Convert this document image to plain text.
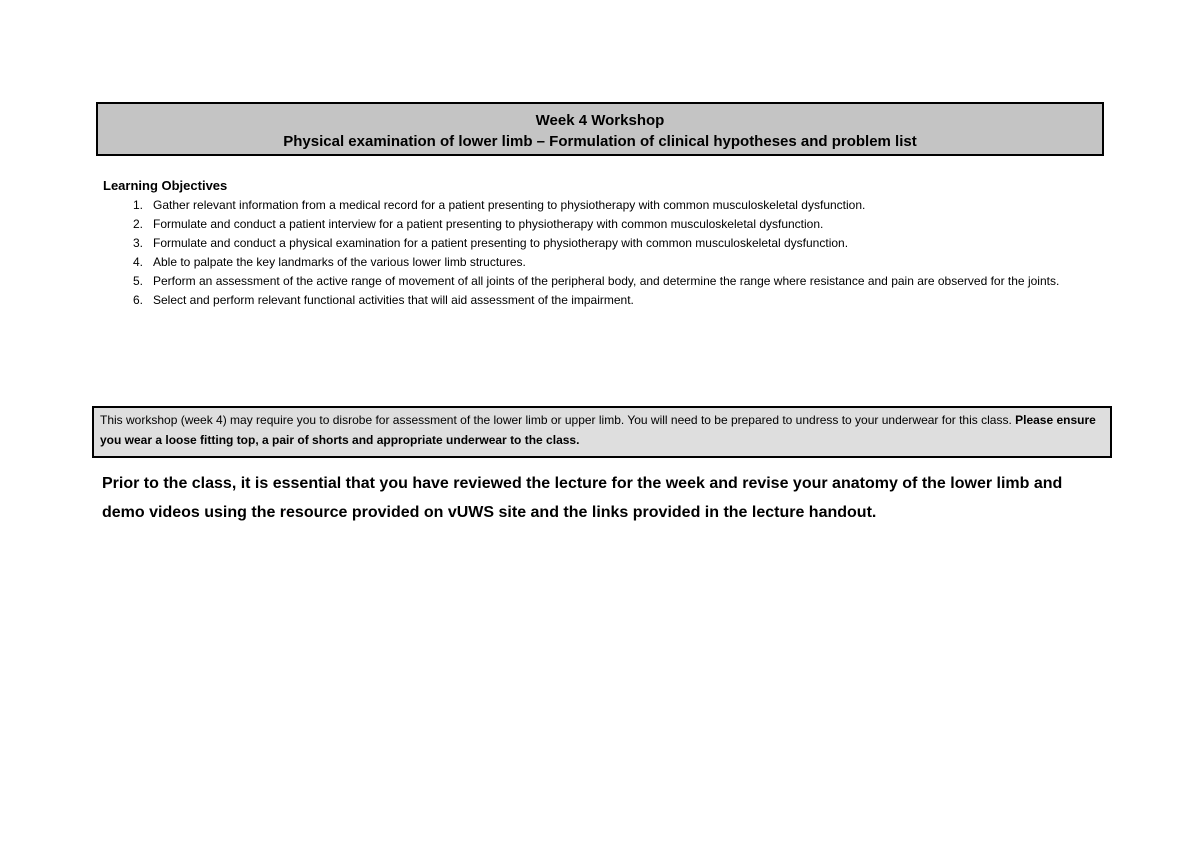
Week 4 Workshop
Physical examination of lower limb – Formulation of clinical hypotheses and problem list
Learning Objectives
1. Gather relevant information from a medical record for a patient presenting to physiotherapy with common musculoskeletal dysfunction.
2. Formulate and conduct a patient interview for a patient presenting to physiotherapy with common musculoskeletal dysfunction.
3. Formulate and conduct a physical examination for a patient presenting to physiotherapy with common musculoskeletal dysfunction.
4. Able to palpate the key landmarks of the various lower limb structures.
5. Perform an assessment of the active range of movement of all joints of the peripheral body, and determine the range where resistance and pain are observed for the joints.
6. Select and perform relevant functional activities that will aid assessment of the impairment.
This workshop (week 4) may require you to disrobe for assessment of the lower limb or upper limb. You will need to be prepared to undress to your underwear for this class. Please ensure you wear a loose fitting top, a pair of shorts and appropriate underwear to the class.
Prior to the class, it is essential that you have reviewed the lecture for the week and revise your anatomy of the lower limb and demo videos using the resource provided on vUWS site and the links provided in the lecture handout.
